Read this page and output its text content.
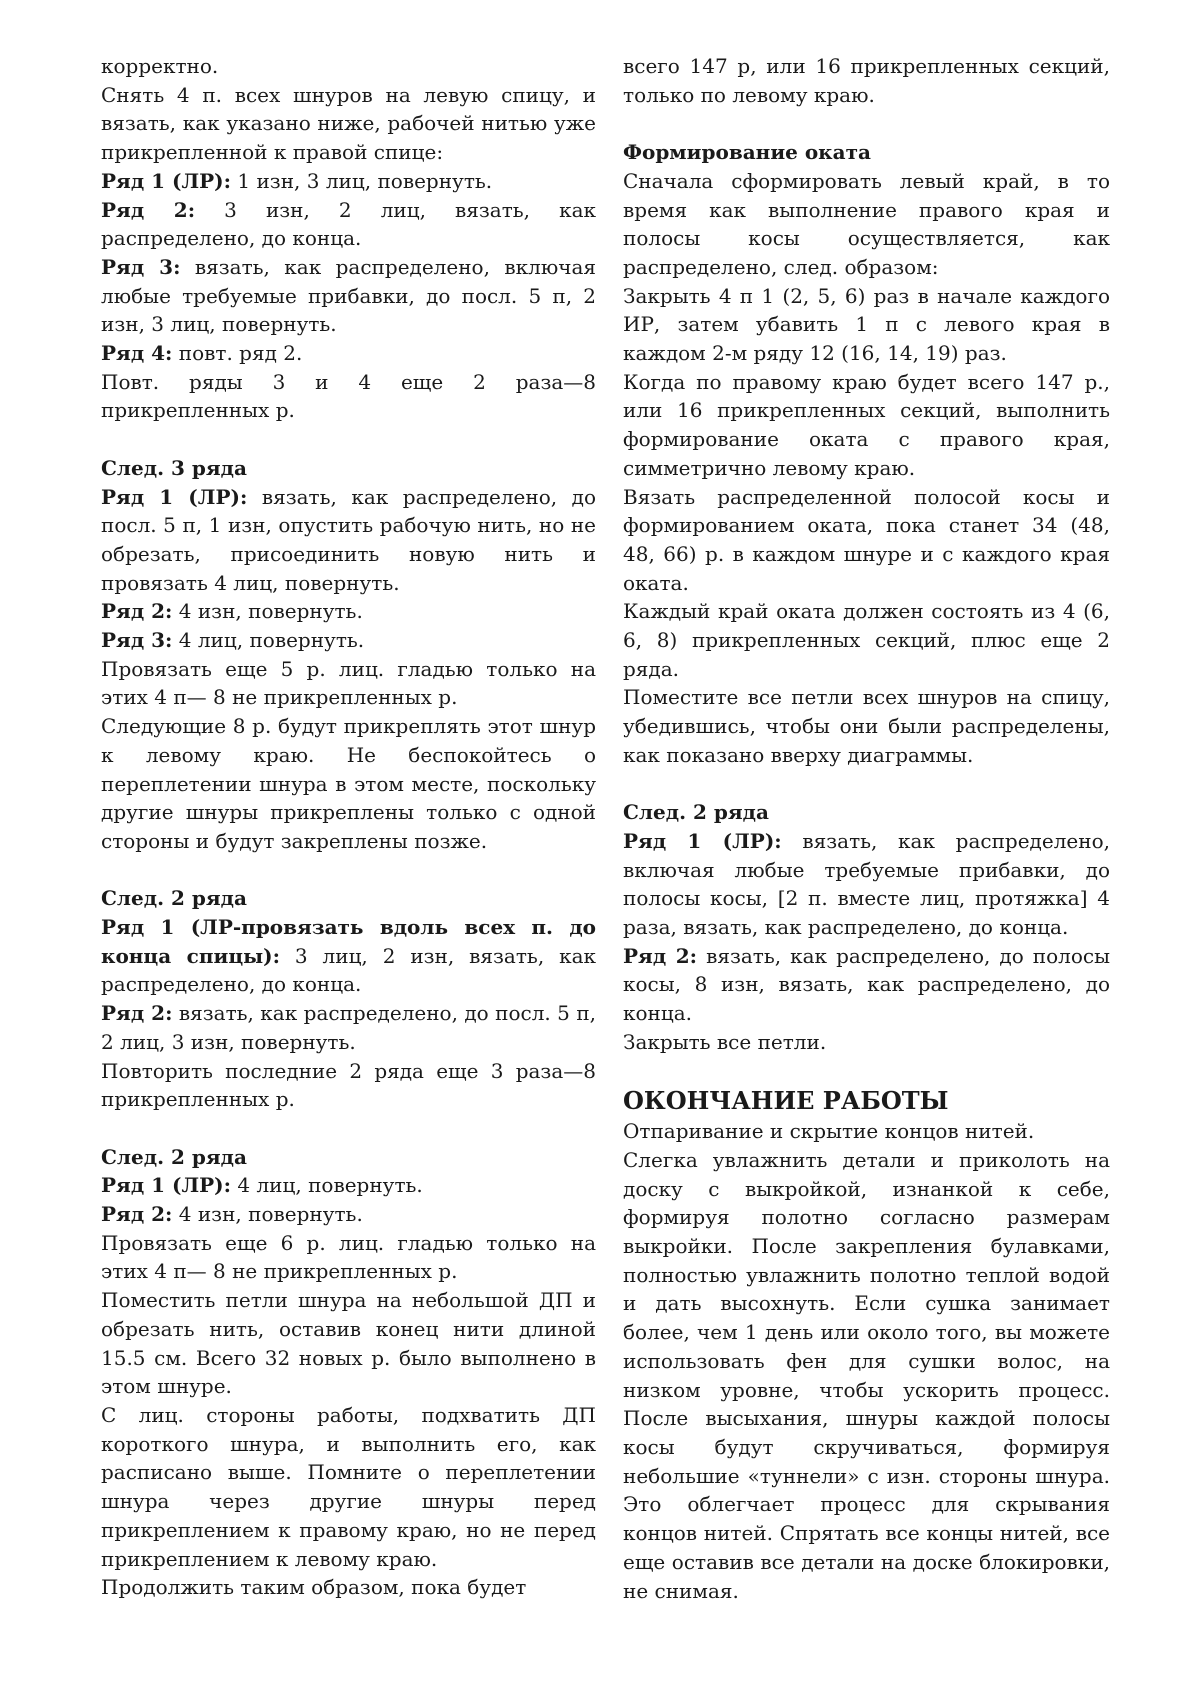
корректно.

Снять 4 п. всех шнуров на левую спицу, и вязать, как указано ниже, рабочей нитью уже прикрепленной к правой спице:

Ряд 1 (ЛР): 1 изн, 3 лиц, повернуть.

Ряд 2: 3 изн, 2 лиц, вязать, как распределено, до конца.

Ряд 3: вязать, как распределено, включая любые требуемые прибавки, до посл. 5 п, 2 изн, 3 лиц, повернуть.

Ряд 4: повт. ряд 2.

Повт. ряды 3 и 4 еще 2 раза—8 прикрепленных р.

След. 3 ряда

Ряд 1 (ЛР): вязать, как распределено, до посл. 5 п, 1 изн, опустить рабочую нить, но не обрезать, присоединить новую нить и провязать 4 лиц, повернуть.

Ряд 2: 4 изн, повернуть.

Ряд 3: 4 лиц, повернуть.

Провязать еще 5 р. лиц. гладью только на этих 4 п— 8 не прикрепленных р.

Следующие 8 р. будут прикреплять этот шнур к левому краю. Не беспокойтесь о переплетении шнура в этом месте, поскольку другие шнуры прикреплены только с одной стороны и будут закреплены позже.

След. 2 ряда

Ряд 1 (ЛР-провязать вдоль всех п. до конца спицы): 3 лиц, 2 изн, вязать, как распределено, до конца.

Ряд 2: вязать, как распределено, до посл. 5 п, 2 лиц, 3 изн, повернуть.

Повторить последние 2 ряда еще 3 раза—8 прикрепленных р.

След. 2 ряда

Ряд 1 (ЛР): 4 лиц, повернуть.

Ряд 2: 4 изн, повернуть.

Провязать еще 6 р. лиц. гладью только на этих 4 п— 8 не прикрепленных р.

Поместить петли шнура на небольшой ДП и обрезать нить, оставив конец нити длиной 15.5 см. Всего 32 новых р. было выполнено в этом шнуре.

С лиц. стороны работы, подхватить ДП короткого шнура, и выполнить его, как расписано выше. Помните о переплетении шнура через другие шнуры перед прикреплением к правому краю, но не перед прикреплением к левому краю.

Продолжить таким образом, пока будет

всего 147 р, или 16 прикрепленных секций, только по левому краю.

Формирование оката

Сначала сформировать левый край, в то время как выполнение правого края и полосы косы осуществляется, как распределено, след. образом:

Закрыть 4 п 1 (2, 5, 6) раз в начале каждого ИР, затем убавить 1 п с левого края в каждом 2-м ряду 12 (16, 14, 19) раз.

Когда по правому краю будет всего 147 р., или 16 прикрепленных секций, выполнить формирование оката с правого края, симметрично левому краю.

Вязать распределенной полосой косы и формированием оката, пока станет 34 (48, 48, 66) р. в каждом шнуре и с каждого края оката.

Каждый край оката должен состоять из 4 (6, 6, 8) прикрепленных секций, плюс еще 2 ряда.

Поместите все петли всех шнуров на спицу, убедившись, чтобы они были распределены, как показано вверху диаграммы.

След. 2 ряда

Ряд 1 (ЛР): вязать, как распределено, включая любые требуемые прибавки, до полосы косы, [2 п. вместе лиц, протяжка] 4 раза, вязать, как распределено, до конца.

Ряд 2: вязать, как распределено, до полосы косы, 8 изн, вязать, как распределено, до конца.

Закрыть все петли.

ОКОНЧАНИЕ РАБОТЫ

Отпаривание и скрытие концов нитей.

Слегка увлажнить детали и приколоть на доску с выкройкой, изнанкой к себе, формируя полотно согласно размерам выкройки. После закрепления булавками, полностью увлажнить полотно теплой водой и дать высохнуть. Если сушка занимает более, чем 1 день или около того, вы можете использовать фен для сушки волос, на низком уровне, чтобы ускорить процесс. После высыхания, шнуры каждой полосы косы будут скручиваться, формируя небольшие «туннели» с изн. стороны шнура. Это облегчает процесс для скрывания концов нитей. Спрятать все концы нитей, все еще оставив все детали на доске блокировки, не снимая.
